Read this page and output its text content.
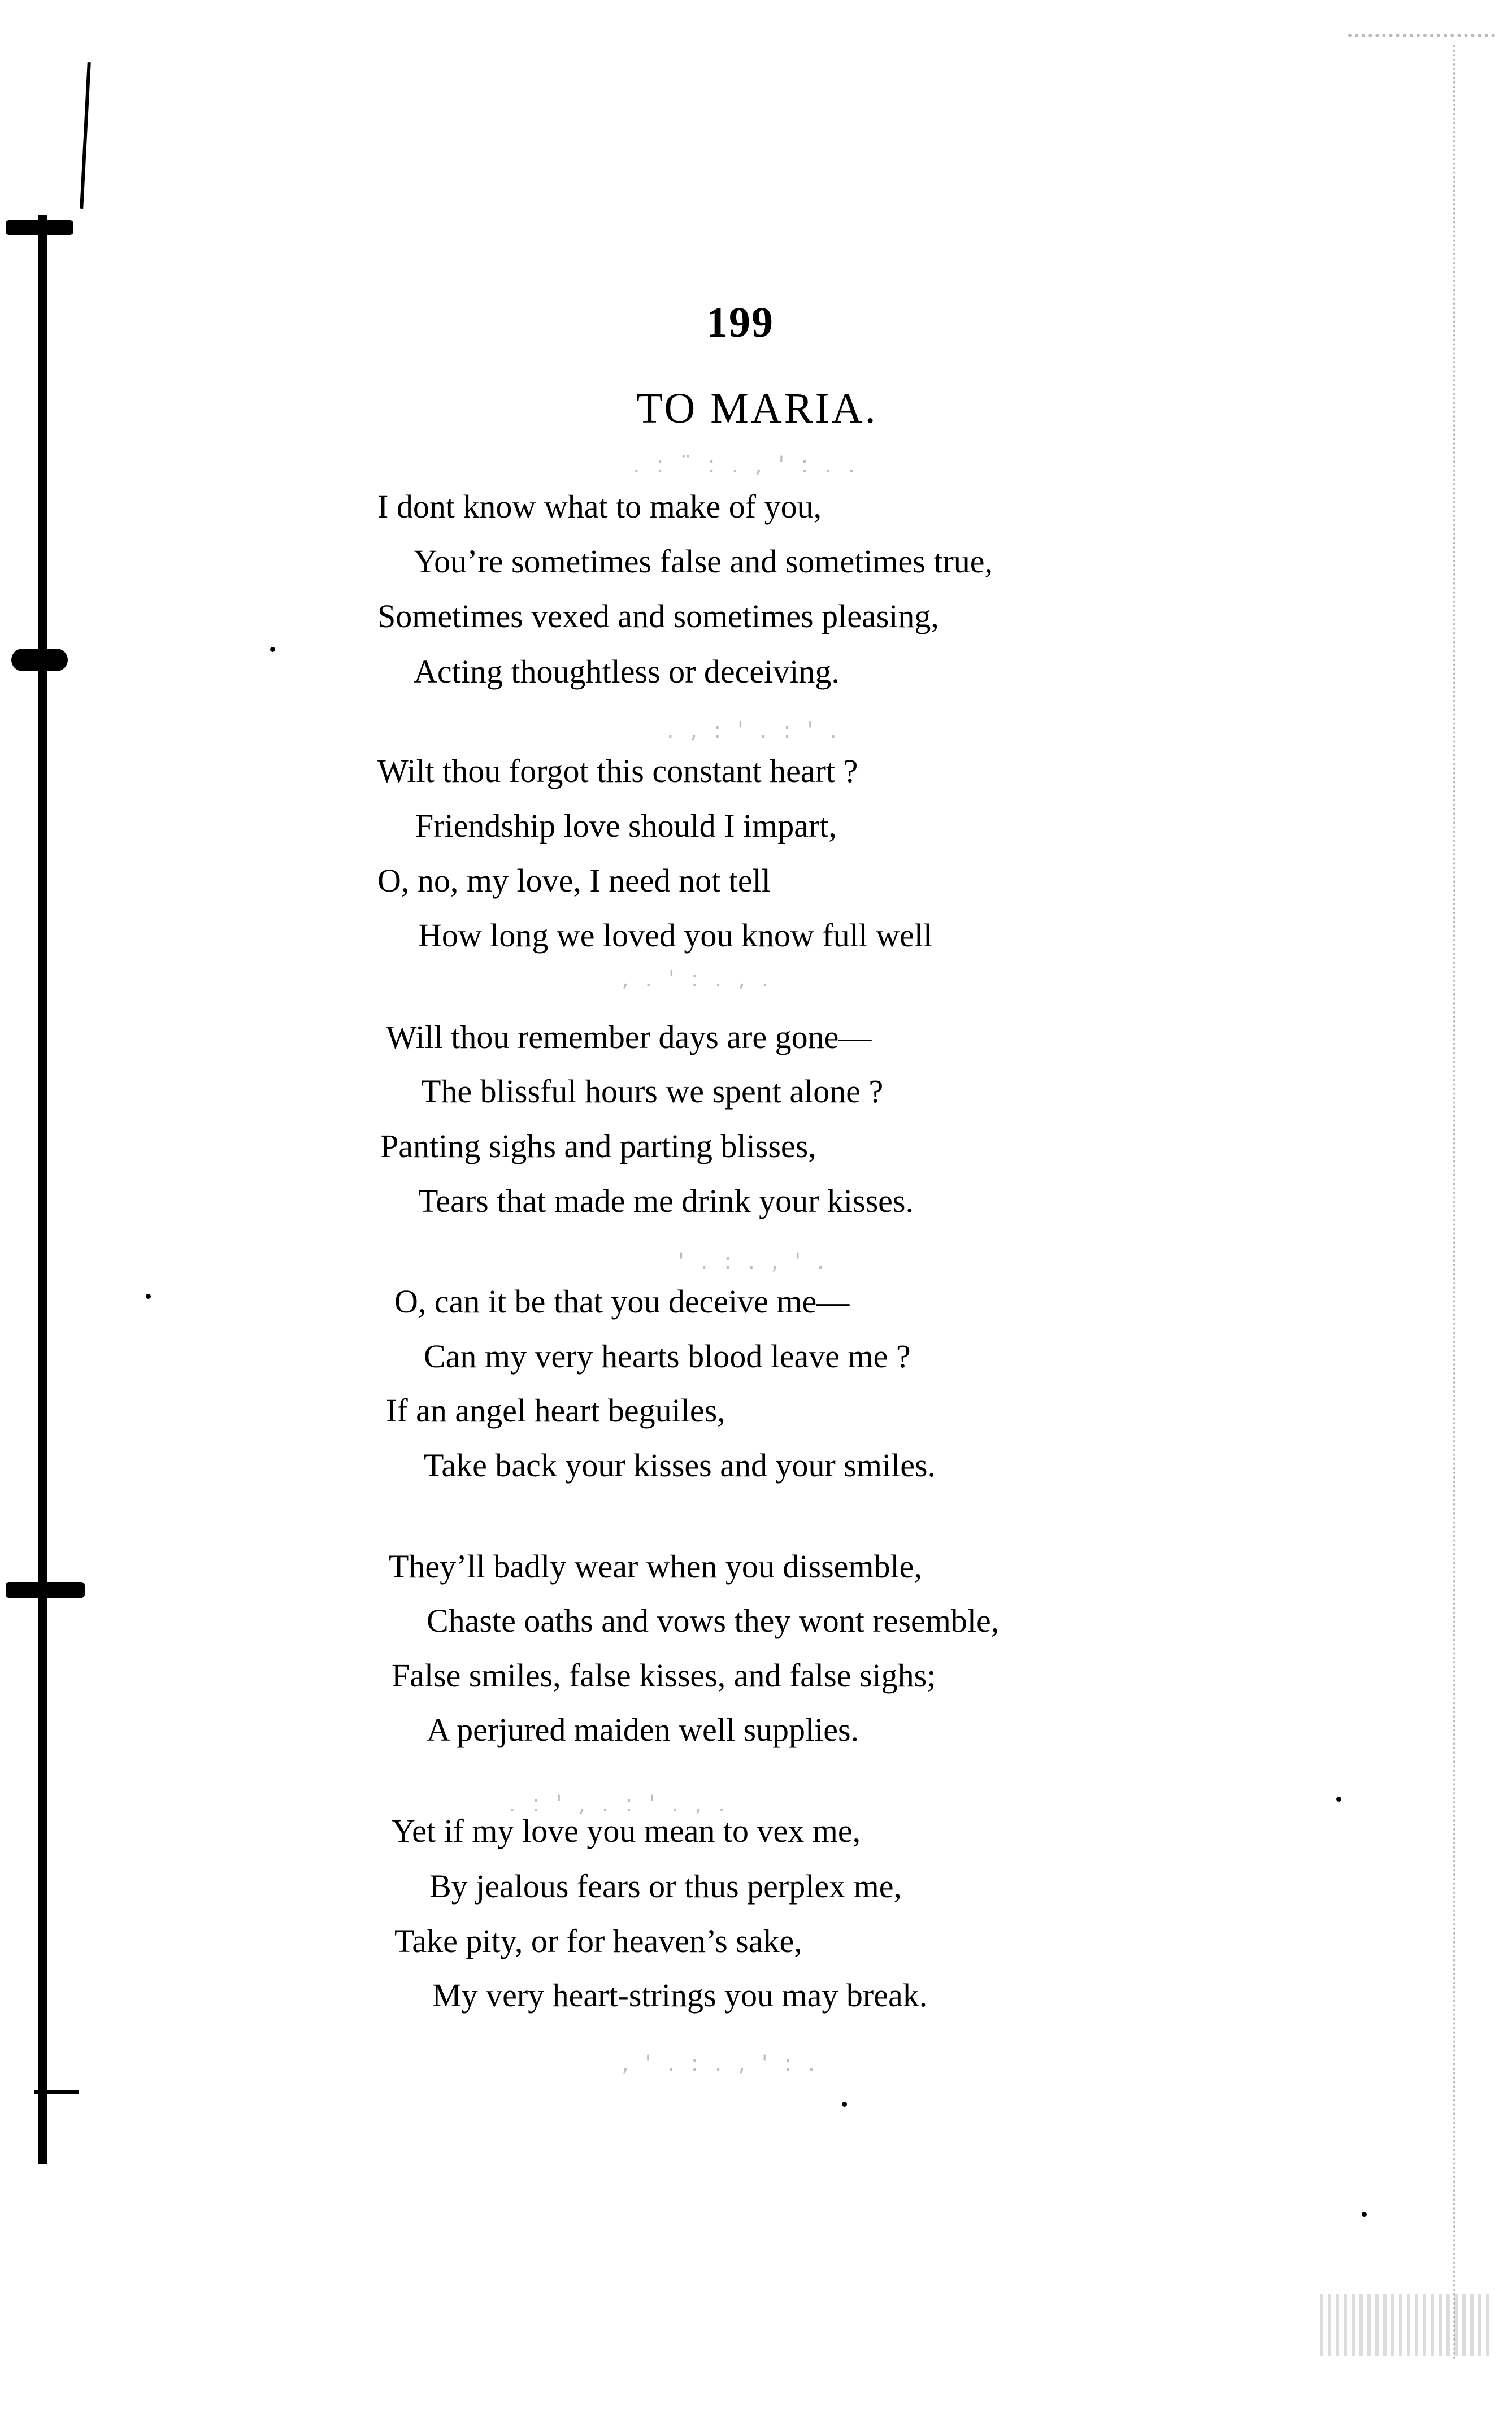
199
TO MARIA.
I dont know what to make of you,
You’re sometimes false and sometimes true,
Sometimes vexed and sometimes pleasing,
Acting thoughtless or deceiving.
Wilt thou forgot this constant heart ?
Friendship love should I impart,
O, no, my love, I need not tell
How long we loved you know full well
Will thou remember days are gone—
The blissful hours we spent alone ?
Panting sighs and parting blisses,
Tears that made me drink your kisses.
O, can it be that you deceive me—
Can my very hearts blood leave me ?
If an angel heart beguiles,
Take back your kisses and your smiles.
They’ll badly wear when you dissemble,
Chaste oaths and vows they wont resemble,
False smiles, false kisses, and false sighs;
A perjured maiden well supplies.
Yet if my love you mean to vex me,
By jealous fears or thus perplex me,
Take pity, or for heaven’s sake,
My very heart-strings you may break.
. : ¨ : . , ' : . .
. , : ' . : ' .
, . ' : . , .
' . : . , ' .
. : ' , . : ' . , .
, ' . : . , ' : .
